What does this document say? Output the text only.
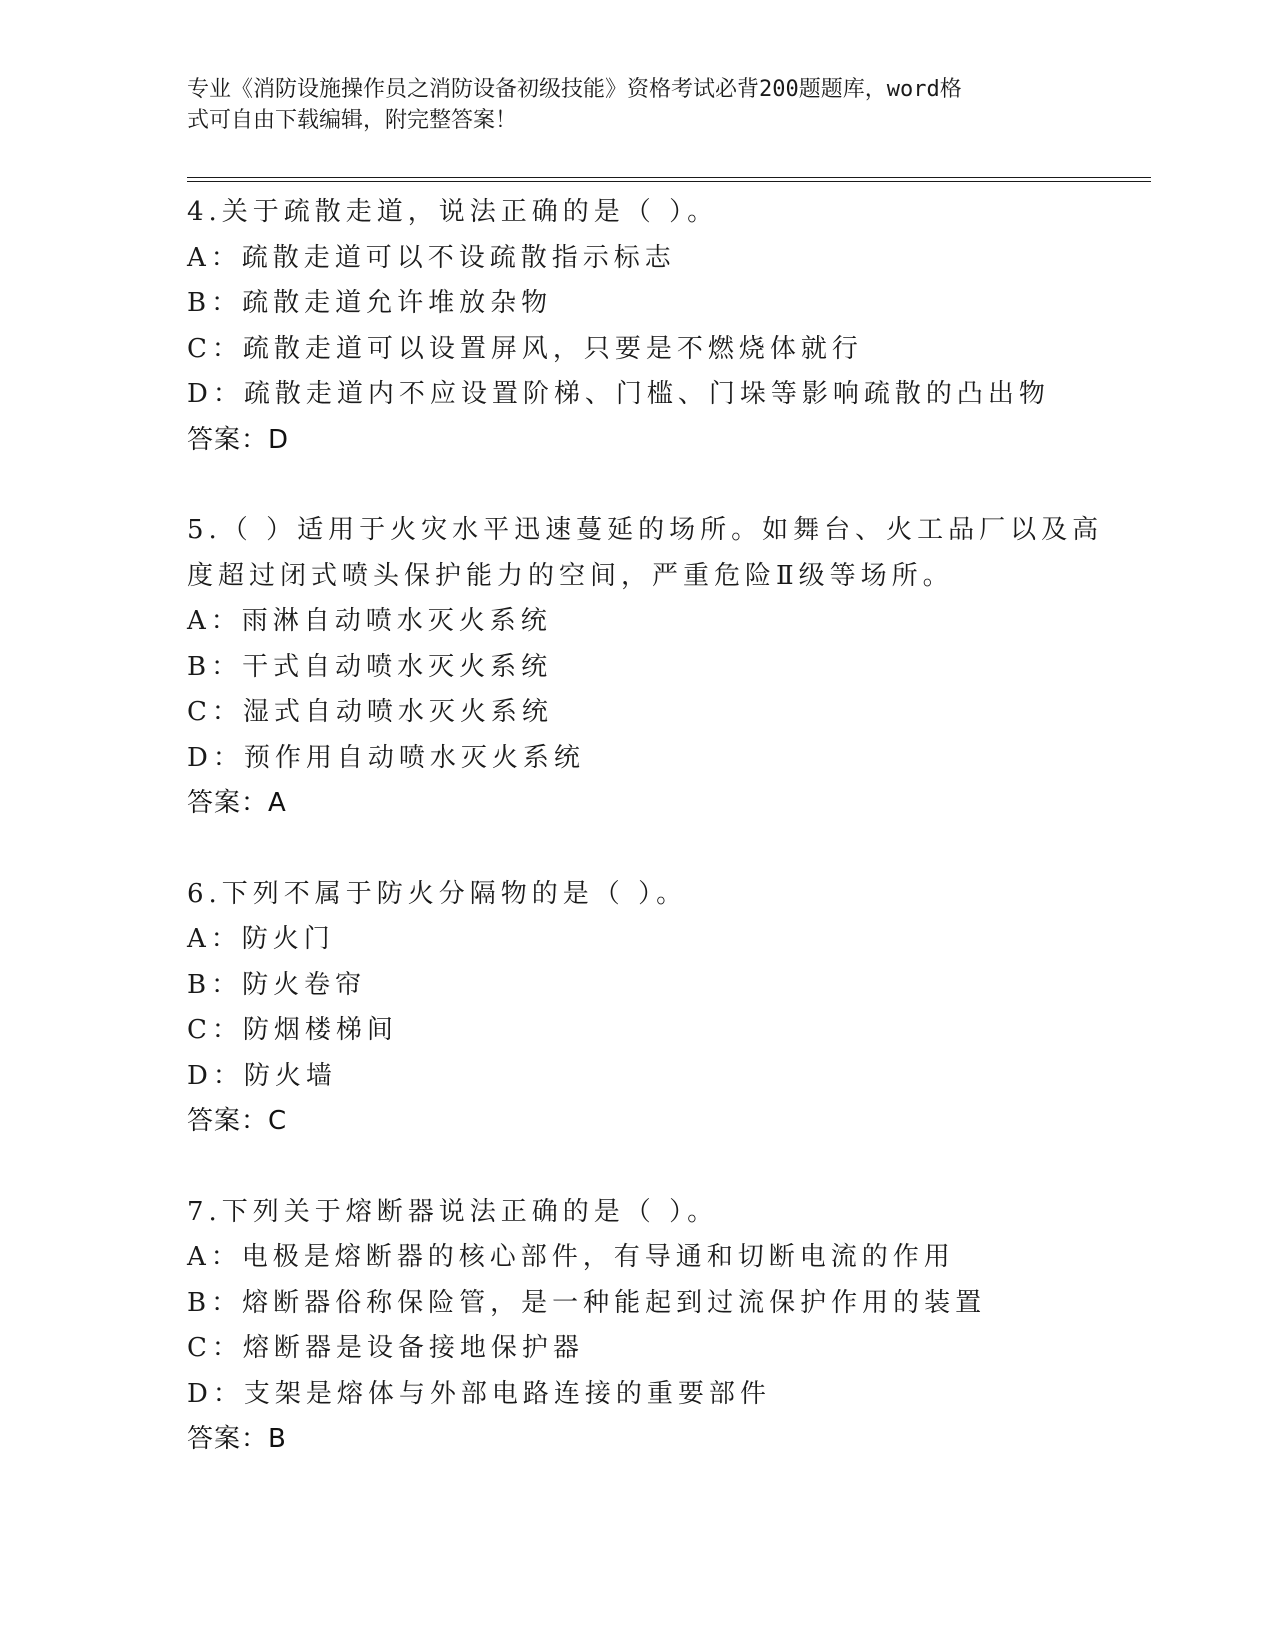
专业《消防设施操作员之消防设备初级技能》资格考试必背200题题库，word格
式可自由下载编辑，附完整答案！
4.关于疏散走道，说法正确的是（ ）。
A：疏散走道可以不设疏散指示标志
B：疏散走道允许堆放杂物
C：疏散走道可以设置屏风，只要是不燃烧体就行
D：疏散走道内不应设置阶梯、门槛、门垛等影响疏散的凸出物
答案：D
5.（ ）适用于火灾水平迅速蔓延的场所。如舞台、火工品厂以及高
度超过闭式喷头保护能力的空间，严重危险Ⅱ级等场所。
A：雨淋自动喷水灭火系统
B：干式自动喷水灭火系统
C：湿式自动喷水灭火系统
D：预作用自动喷水灭火系统
答案：A
6.下列不属于防火分隔物的是（ ）。
A：防火门
B：防火卷帘
C：防烟楼梯间
D：防火墙
答案：C
7.下列关于熔断器说法正确的是（ ）。
A：电极是熔断器的核心部件，有导通和切断电流的作用
B：熔断器俗称保险管，是一种能起到过流保护作用的装置
C：熔断器是设备接地保护器
D：支架是熔体与外部电路连接的重要部件
答案：B
